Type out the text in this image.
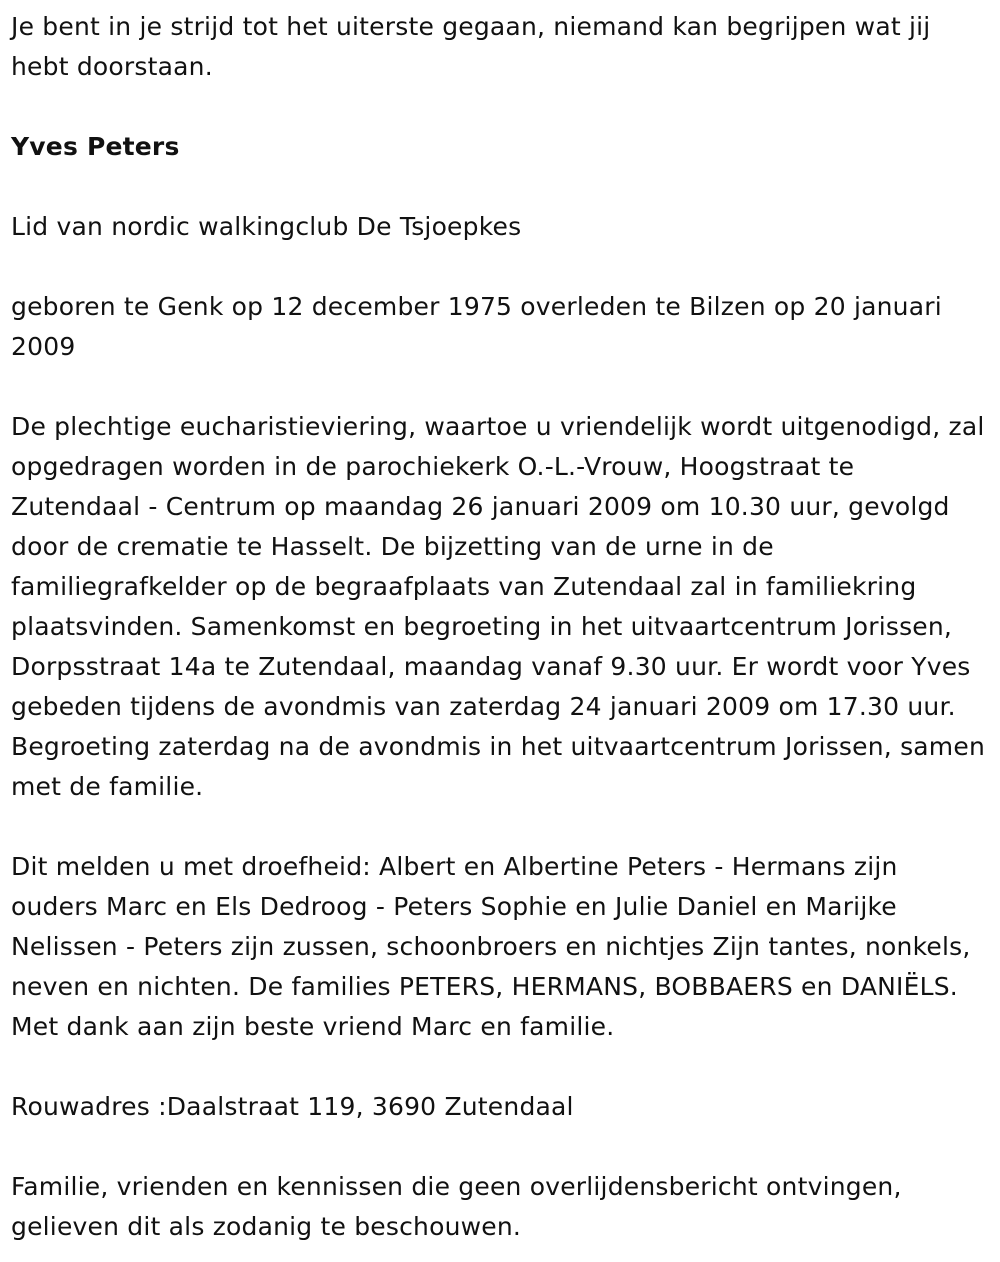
Je bent in je strijd tot het uiterste gegaan, niemand kan begrijpen wat jij hebt doorstaan.

Yves Peters

Lid van nordic walkingclub De Tsjoepkes

geboren te Genk op 12 december 1975 overleden te Bilzen op 20 januari 2009

De plechtige eucharistieviering, waartoe u vriendelijk wordt uitgenodigd, zal opgedragen worden in de parochiekerk O.-L.-Vrouw, Hoogstraat te Zutendaal - Centrum op maandag 26 januari 2009 om 10.30 uur, gevolgd door de crematie te Hasselt. De bijzetting van de urne in de familiegrafkelder op de begraafplaats van Zutendaal zal in familiekring plaatsvinden. Samenkomst en begroeting in het uitvaartcentrum Jorissen, Dorpsstraat 14a te Zutendaal, maandag vanaf 9.30 uur. Er wordt voor Yves gebeden tijdens de avondmis van zaterdag 24 januari 2009 om 17.30 uur. Begroeting zaterdag na de avondmis in het uitvaartcentrum Jorissen, samen met de familie.

Dit melden u met droefheid: Albert en Albertine Peters - Hermans zijn ouders Marc en Els Dedroog - Peters Sophie en Julie Daniel en Marijke Nelissen - Peters zijn zussen, schoonbroers en nichtjes Zijn tantes, nonkels, neven en nichten. De families PETERS, HERMANS, BOBBAERS en DANIËLS. Met dank aan zijn beste vriend Marc en familie.

Rouwadres :Daalstraat 119, 3690 Zutendaal

Familie, vrienden en kennissen die geen overlijdensbericht ontvingen, gelieven dit als zodanig te beschouwen.
